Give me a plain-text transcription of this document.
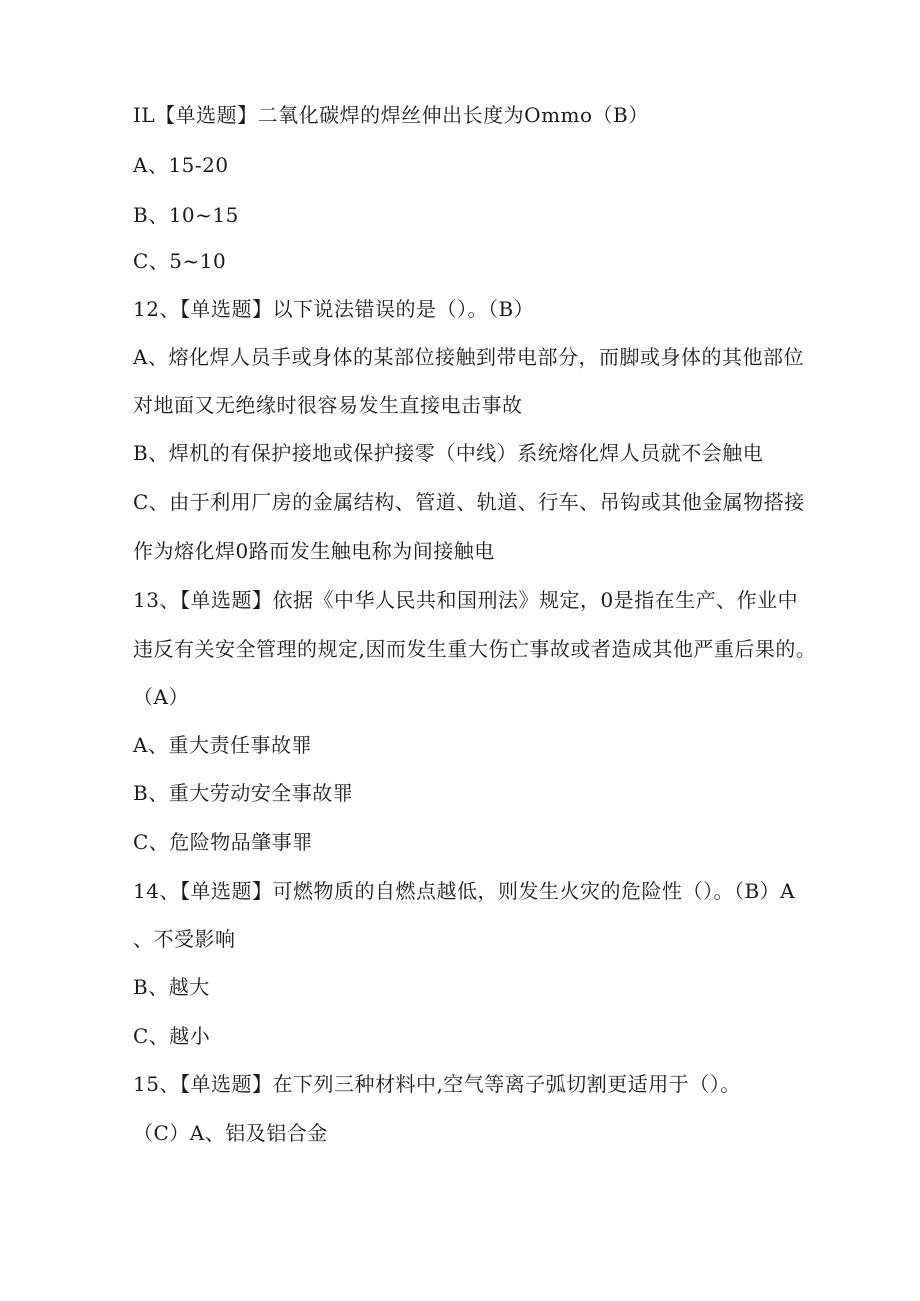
IL【单选题】二氧化碳焊的焊丝伸出长度为Ommo（B）
A、15-20
B、10~15
C、5~10
12、【单选题】以下说法错误的是（）。（B）
A、熔化焊人员手或身体的某部位接触到带电部分，而脚或身体的其他部位
对地面又无绝缘时很容易发生直接电击事故
B、焊机的有保护接地或保护接零（中线）系统熔化焊人员就不会触电
C、由于利用厂房的金属结构、管道、轨道、行车、吊钩或其他金属物搭接
作为熔化焊0路而发生触电称为间接触电
13、【单选题】依据《中华人民共和国刑法》规定，0是指在生产、作业中
违反有关安全管理的规定,因而发生重大伤亡事故或者造成其他严重后果的。
（A）
A、重大责任事故罪
B、重大劳动安全事故罪
C、危险物品肇事罪
14、【单选题】可燃物质的自燃点越低，则发生火灾的危险性（）。（B）A
、不受影响
B、越大
C、越小
15、【单选题】在下列三种材料中,空气等离子弧切割更适用于（）。
（C）A、铝及铝合金
